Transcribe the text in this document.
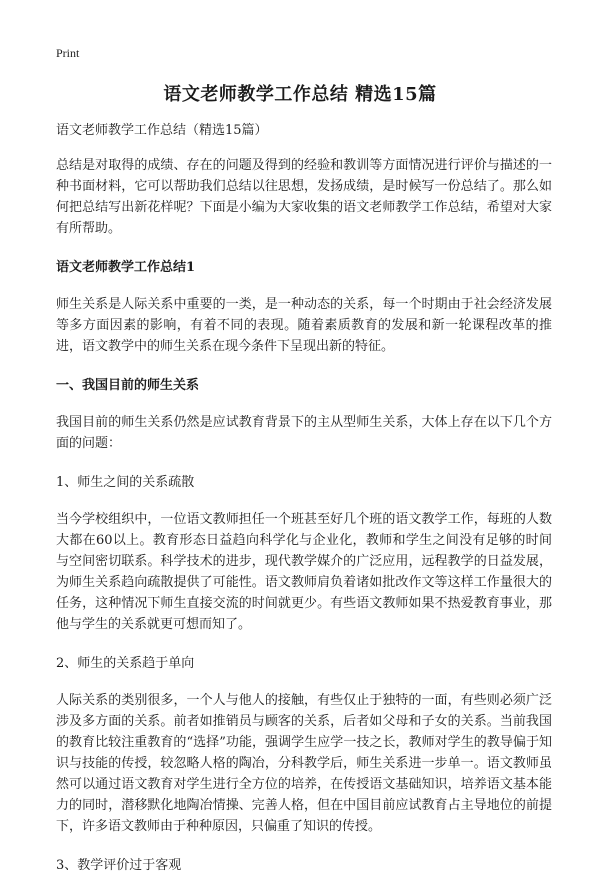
Print
语文老师教学工作总结 精选15篇

语文老师教学工作总结（精选15篇）

总结是对取得的成绩、存在的问题及得到的经验和教训等方面情况进行评价与描述的一种书面材料，它可以帮助我们总结以往思想，发扬成绩，是时候写一份总结了。那么如何把总结写出新花样呢？下面是小编为大家收集的语文老师教学工作总结，希望对大家有所帮助。

语文老师教学工作总结1

师生关系是人际关系中重要的一类，是一种动态的关系，每一个时期由于社会经济发展等多方面因素的影响，有着不同的表现。随着素质教育的发展和新一轮课程改革的推进，语文教学中的师生关系在现今条件下呈现出新的特征。

一、我国目前的师生关系

我国目前的师生关系仍然是应试教育背景下的主从型师生关系，大体上存在以下几个方面的问题：

1、师生之间的关系疏散

当今学校组织中，一位语文教师担任一个班甚至好几个班的语文教学工作，每班的人数大都在60以上。教育形态日益趋向科学化与企业化，教师和学生之间没有足够的时间与空间密切联系。科学技术的进步，现代教学媒介的广泛应用，远程教学的日益发展，为师生关系趋向疏散提供了可能性。语文教师肩负着诸如批改作文等这样工作量很大的任务，这种情况下师生直接交流的时间就更少。有些语文教师如果不热爱教育事业，那他与学生的关系就更可想而知了。

2、师生的关系趋于单向

人际关系的类别很多，一个人与他人的接触，有些仅止于独特的一面，有些则必须广泛涉及多方面的关系。前者如推销员与顾客的关系，后者如父母和子女的关系。当前我国的教育比较注重教育的“选择”功能，强调学生应学一技之长，教师对学生的教导偏于知识与技能的传授，较忽略人格的陶冶，分科教学后，师生关系进一步单一。语文教师虽然可以通过语文教育对学生进行全方位的培养，在传授语文基础知识，培养语文基本能力的同时，潜移默化地陶冶情操、完善人格，但在中国目前应试教育占主导地位的前提下，许多语文教师由于种种原因，只偏重了知识的传授。

3、教学评价过于客观
